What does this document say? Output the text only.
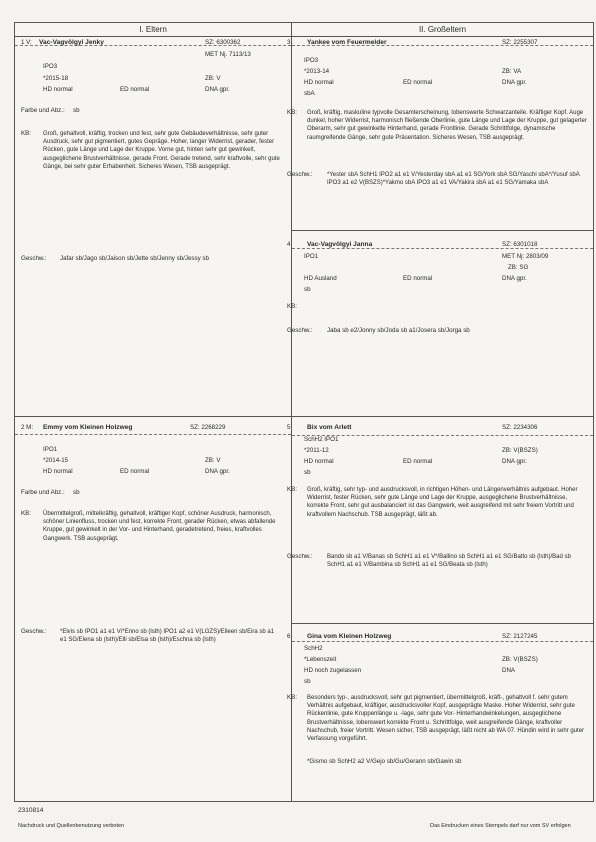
I. Eltern	II. Großeltern
1 V: Vac-Vagvölgyi Jenky	SZ: 6300362
MET Nj. 7113/13
IPO3
*2015-18	ZB: V
HD normal	ED normal	DNA gpr.
Farbe und Abz.: sb
KB: Groß, gehaltvoll, kräftig, trocken und fest, sehr gute Gebäudeverhältnisse, sehr guter Ausdruck, sehr gut pigmentiert, gutes Gepräge. Hoher, langer Widerrist, gerader, fester Rücken, gute Länge und Lage der Kruppe. Vorne gut, hinten sehr gut gewinkelt, ausgeglichene Brustverhältnisse, gerade Front. Gerade tretend, sehr kraftvolle, sehr gute Gänge, bei sehr guter Erhabenheit. Sicheres Wesen, TSB ausgeprägt.
Geschw.: Jafar sb/Jago sb/Jaison sb/Jette sb/Jenny sb/Jessy sb
3	Yankee vom Feuermelder	SZ: 2255307
IPO3
*2013-14	ZB: VA
HD normal	ED normal	DNA gpr.
sbA
KB: Groß, kräftig, maskuline typvolle Gesamterscheinung, lobenswerte Schwarzanteile. Kräftiger Kopf. Auge dunkel, hoher Widerrist, harmonisch fließende Oberlinie, gute Länge und Lage der Kruppe, gut gelagerter Oberarm, sehr gut gewinkelte Hinterhand, gerade Frontlinie. Gerade Schrittfolge, dynamische raumgreifende Gänge, sehr gute Präsentation. Sicheres Wesen, TSB ausgeprägt.
Geschw.: *Yester sbA SchH1 IPO2 a1 e1 V/Yesterday sbA a1 e1 SG/York sbA SG/Yaschi sbA*/Yusuf sbA IPO3 a1 e2 V(BSZS)*Yakmo sbA IPO3 a1 e1 VA/Yakira sbA a1 e1 SG/Yamaka sbA
4	Vac-Vagvölgyi Janna	SZ: 6301018
IPO1	MET Nj: 2803/09
ZB: SG
HD Ausland	ED normal	DNA gpr.
sb
KB:
Geschw.: Jaba sb e2/Jonny sb/Joda sb a1/Josera sb/Jorga sb
2 M: Emmy vom Kleinen Holzweg	SZ: 2268229
IPO1
*2014-15	ZB: V
HD normal	ED normal	DNA gpr.
Farbe und Abz.: sb
KB: Übermittelgroß, mittelkräftig, gehaltvoll, kräftiger Kopf, schöner Ausdruck, harmonisch, schöner Linienfluss, trocken und fest, korrekte Front, gerader Rücken, etwas abfallende Kruppe, gut gewinkelt in der Vor- und Hinterhand, geradetretend, freies, kraftvolles Gangwerk. TSB ausgeprägt.
Geschw.: *Elvis sb IPO1 a1 e1 V/*Enno sb (lsth) IPO1 a2 e1 V(LGZS)/Eileen sb/Eira sb a1 e1 SG/Elena sb (lsth)/Elli sb/Elsa sb (lsth)/Eschna sb (lsth)
5	Bix vom Arlett	SZ: 2234306
SchH2 IPO1
*2011-12	ZB: V(BSZS)
HD normal	ED normal	DNA gpr.
sb
KB: Groß, kräftig, sehr typ- und ausdrucksvoll, in richtigen Höhen- und Längenverhältnis aufgebaut. Hoher Widerrist, fester Rücken, sehr gute Länge und Lage der Kruppe, ausgeglichene Brustverhältnisse, korrekte Front, sehr gut ausbalanciert ist das Gangwerk, weit ausgreifend mit sehr freiem Vortritt und kraftvollem Nachschub. TSB ausgeprägt, läßt ab.
Geschw.: Bando sb a1 V/Banas sb SchH1 a1 e1 V*/Ballino sb SchH1 a1 e1 SG/Batto sb (lsth)/Bad sb SchH1 a1 e1 V/Bambina sb SchH1 a1 e1 SG/Beata sb (lsth)
6	Gina vom Kleinen Holzweg	SZ: 2127245
SchH2
*Lebenszeit	ZB: V(BSZS)
HD noch zugelassen	DNA
sb
KB: Besonders typ-, ausdrucksvoll, sehr gut pigmentiert, übermittelgroß, kräft-, gehaltvoll f. sehr gutem Verhältnis aufgebaut, kräftiger, ausdrucksvoller Kopf, ausgeprägte Maske. Hoher Widerrist, sehr gute Rückenlinie, gute Kruppenlänge u. -lage, sehr gute Vor- Hinterhandwinkelungen, ausgeglichene Brustverhältnisse, lobenswert korrekte Front u. Schrittfolge, weit ausgreifende Gänge, kraftvoller Nachschub, freier Vortritt. Wesen sicher, TSB ausgeprägt, läßt nicht ab WA 07. Hündin wird in sehr guter Verfassung vorgeführt.
*Gismo sb SchH2 a2 V/Gejo sb/Gu/Gerann sb/Gawin sb
2310814
Nachdruck und Quellenbenutzung verboten	Das Eindrucken eines Stempels darf nur vom SV erfolgen
